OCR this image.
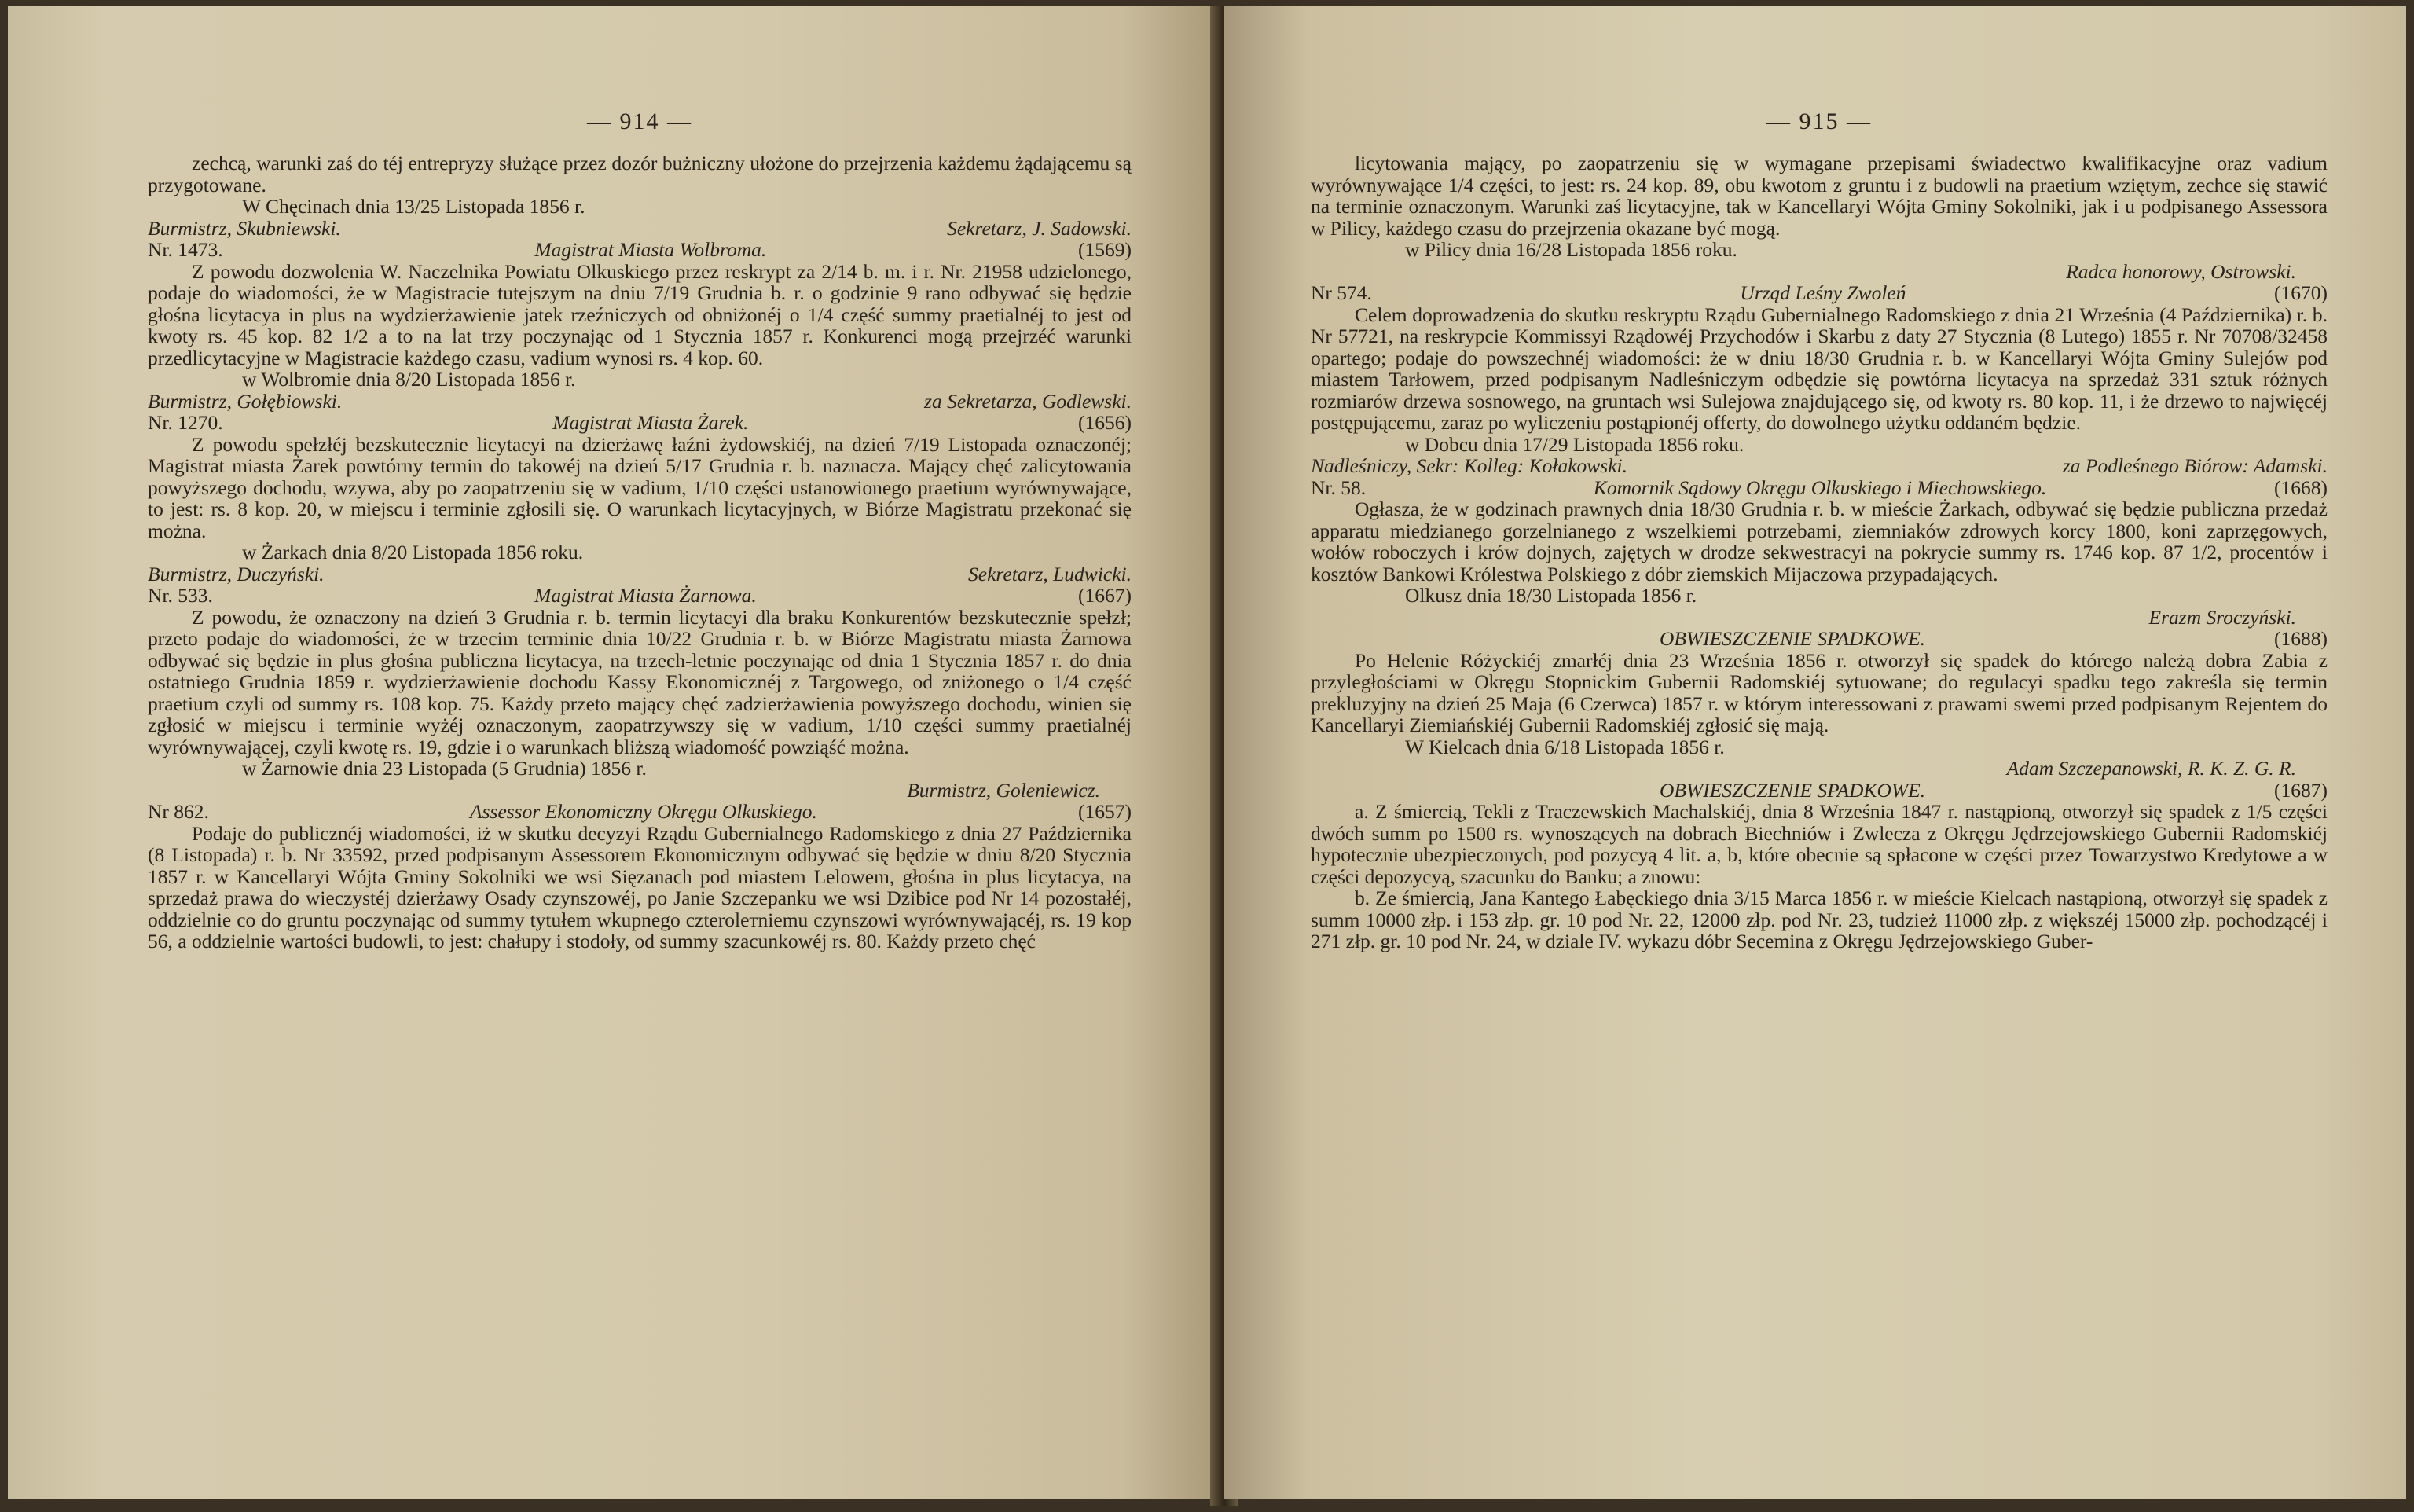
— 914 —

zechcą, warunki zaś do téj entrepryzy służące przez dozór bużniczny ułożone do przejrzenia każdemu żądającemu są przygotowane.

W Chęcinach dnia 13/25 Listopada 1856 r.

Burmistrz, Skubniewski.	Sekretarz, J. Sadowski.
Nr. 1473.	Magistrat Miasta Wolbroma.	(1569)

Z powodu dozwolenia W. Naczelnika Powiatu Olkuskiego przez reskrypt za 2/14 b. m. i r. Nr. 21958 udzielonego, podaje do wiadomości, że w Magistracie tutejszym na dniu 7/19 Grudnia b. r. o godzinie 9 rano odbywać się będzie głośna licytacya in plus na wydzierżawienie jatek rzeźniczych od obniżonéj o 1/4 część summy praetialnéj to jest od kwoty rs. 45 kop. 82 1/2 a to na lat trzy poczynając od 1 Stycznia 1857 r. Konkurenci mogą przejrzéć warunki przedlicytacyjne w Magistracie każdego czasu, vadium wynosi rs. 4 kop. 60.

w Wolbromie dnia 8/20 Listopada 1856 r.

Burmistrz, Gołębiowski.	za Sekretarza, Godlewski.
Nr. 1270.	Magistrat Miasta Żarek.	(1656)

Z powodu spełzłéj bezskutecznie licytacyi na dzierżawę łaźni żydowskiéj, na dzień 7/19 Listopada oznaczonéj; Magistrat miasta Żarek powtórny termin do takowéj na dzień 5/17 Grudnia r. b. naznacza. Mający chęć zalicytowania powyższego dochodu, wzywa, aby po zaopatrzeniu się w vadium, 1/10 części ustanowionego praetium wyrównywające, to jest: rs. 8 kop. 20, w miejscu i terminie zgłosili się. O warunkach licytacyjnych, w Biórze Magistratu przekonać się można.

w Żarkach dnia 8/20 Listopada 1856 roku.

Burmistrz, Duczyński.	Sekretarz, Ludwicki.
Nr. 533.	Magistrat Miasta Żarnowa.	(1667)

Z powodu, że oznaczony na dzień 3 Grudnia r. b. termin licytacyi dla braku Konkurentów bezskutecznie spełzł; przeto podaje do wiadomości, że w trzecim terminie dnia 10/22 Grudnia r. b. w Biórze Magistratu miasta Żarnowa odbywać się będzie in plus głośna publiczna licytacya, na trzech-letnie poczynając od dnia 1 Stycznia 1857 r. do dnia ostatniego Grudnia 1859 r. wydzierżawienie dochodu Kassy Ekonomicznéj z Targowego, od zniżonego o 1/4 część praetium czyli od summy rs. 108 kop. 75. Każdy przeto mający chęć zadzierżawienia powyższego dochodu, winien się zgłosić w miejscu i terminie wyżéj oznaczonym, zaopatrzywszy się w vadium, 1/10 części summy praetialnéj wyrównywającej, czyli kwotę rs. 19, gdzie i o warunkach bliższą wiadomość powziąść można.

w Żarnowie dnia 23 Listopada (5 Grudnia) 1856 r.

Burmistrz, Goleniewicz.

Nr 862.	Assessor Ekonomiczny Okręgu Olkuskiego.	(1657)

Podaje do publicznéj wiadomości, iż w skutku decyzyi Rządu Gubernialnego Radomskiego z dnia 27 Października (8 Listopada) r. b. Nr 33592, przed podpisanym Assessorem Ekonomicznym odbywać się będzie w dniu 8/20 Stycznia 1857 r. w Kancellaryi Wójta Gminy Sokolniki we wsi Sięzanach pod miastem Lelowem, głośna in plus licytacya, na sprzedaż prawa do wieczystéj dzierżawy Osady czynszowéj, po Janie Szczepanku we wsi Dzibice pod Nr 14 pozostałéj, oddzielnie co do gruntu poczynając od summy tytułem wkupnego czterolетniemu czynszowi wyrównywającéj, rs. 19 kop 56, a oddzielnie wartości budowli, to jest: chałupy i stodoły, od summy szacunkowéj rs. 80. Każdy przeto chęć

— 915 —

licytowania mający, po zaopatrzeniu się w wymagane przepisami świadectwo kwalifikacyjne oraz vadium wyrównywające 1/4 części, to jest: rs. 24 kop. 89, obu kwotom z gruntu i z budowli na praetium wziętym, zechce się stawić na terminie oznaczonym. Warunki zaś licytacyjne, tak w Kancellaryi Wójta Gminy Sokolniki, jak i u podpisanego Assessora w Pilicy, każdego czasu do przejrzenia okazane być mogą.

w Pilicy dnia 16/28 Listopada 1856 roku.

Radca honorowy, Ostrowski.

Nr 574.	Urząd Leśny Zwoleń	(1670)

Celem doprowadzenia do skutku reskryptu Rządu Gubernialnego Radomskiego z dnia 21 Września (4 Października) r. b. Nr 57721, na reskrypcie Kommissyi Rządowéj Przychodów i Skarbu z daty 27 Stycznia (8 Lutego) 1855 r. Nr 70708/32458 opartego; podaje do powszechnéj wiadomości: że w dniu 18/30 Grudnia r. b. w Kancellaryi Wójta Gminy Sulejów pod miastem Tarłowem, przed podpisanym Nadleśniczym odbędzie się powtórna licytacya na sprzedaż 331 sztuk różnych rozmiarów drzewa sosnowego, na gruntach wsi Sulejowa znajdującego się, od kwoty rs. 80 kop. 11, i że drzewo to najwięcéj postępującemu, zaraz po wyliczeniu postąpionéj offerty, do dowolnego użytku oddaném będzie.

w Dobcu dnia 17/29 Listopada 1856 roku.

Nadleśniczy, Sekr: Kolleg: Kołakowski.	za Podleśnego Biórow: Adamski.
Nr. 58.	Komornik Sądowy Okręgu Olkuskiego i Miechowskiego.	(1668)

Ogłasza, że w godzinach prawnych dnia 18/30 Grudnia r. b. w mieście Żarkach, odbywać się będzie publiczna przedaż apparatu miedzianego gorzelnianego z wszelkiemi potrzebami, ziemniaków zdrowych korcy 1800, koni zaprzęgowych, wołów roboczych i krów dojnych, zajętych w drodze sekwestracyi na pokrycie summy rs. 1746 kop. 87 1/2, procentów i kosztów Bankowi Królestwa Polskiego z dóbr ziemskich Mijaczowa przypadających.

Olkusz dnia 18/30 Listopada 1856 r.

Erazm Sroczyński.

OBWIESZCZENIE SPADKOWE.	(1688)

Po Helenie Różyckiéj zmarłéj dnia 23 Września 1856 r. otworzył się spadek do którego należą dobra Zabia z przyległościami w Okręgu Stopnickim Gubernii Radomskiéj sytuowane; do regulacyi spadku tego zakreśla się termin prekluzyjny na dzień 25 Maja (6 Czerwca) 1857 r. w którym interessowani z prawami swemi przed podpisanym Rejentem do Kancellaryi Ziemiańskiéj Gubernii Radomskiéj zgłosić się mają.

W Kielcach dnia 6/18 Listopada 1856 r.

Adam Szczepanowski, R. K. Z. G. R.

OBWIESZCZENIE SPADKOWE.	(1687)

a. Z śmiercią, Tekli z Traczewskich Machalskiéj, dnia 8 Września 1847 r. nastąpioną, otworzył się spadek z 1/5 części dwóch summ po 1500 rs. wynoszących na dobrach Biechniów i Zwlecza z Okręgu Jędrzejowskiego Gubernii Radomskiéj hypotecznie ubezpieczonych, pod pozycyą 4 lit. a, b, które obecnie są spłacone w części przez Towarzystwo Kredytowe a w części depozycyą, szacunku do Banku; a znowu:

b. Ze śmiercią, Jana Kantego Łabęckiego dnia 3/15 Marca 1856 r. w mieście Kielcach nastąpioną, otworzył się spadek z summ 10000 złp. i 153 złp. gr. 10 pod Nr. 22, 12000 złp. pod Nr. 23, tudzież 11000 złp. z większéj 15000 złp. pochodzącéj i 271 złp. gr. 10 pod Nr. 24, w dziale IV. wykazu dóbr Secemina z Okręgu Jędrzejowskiego Guber-
